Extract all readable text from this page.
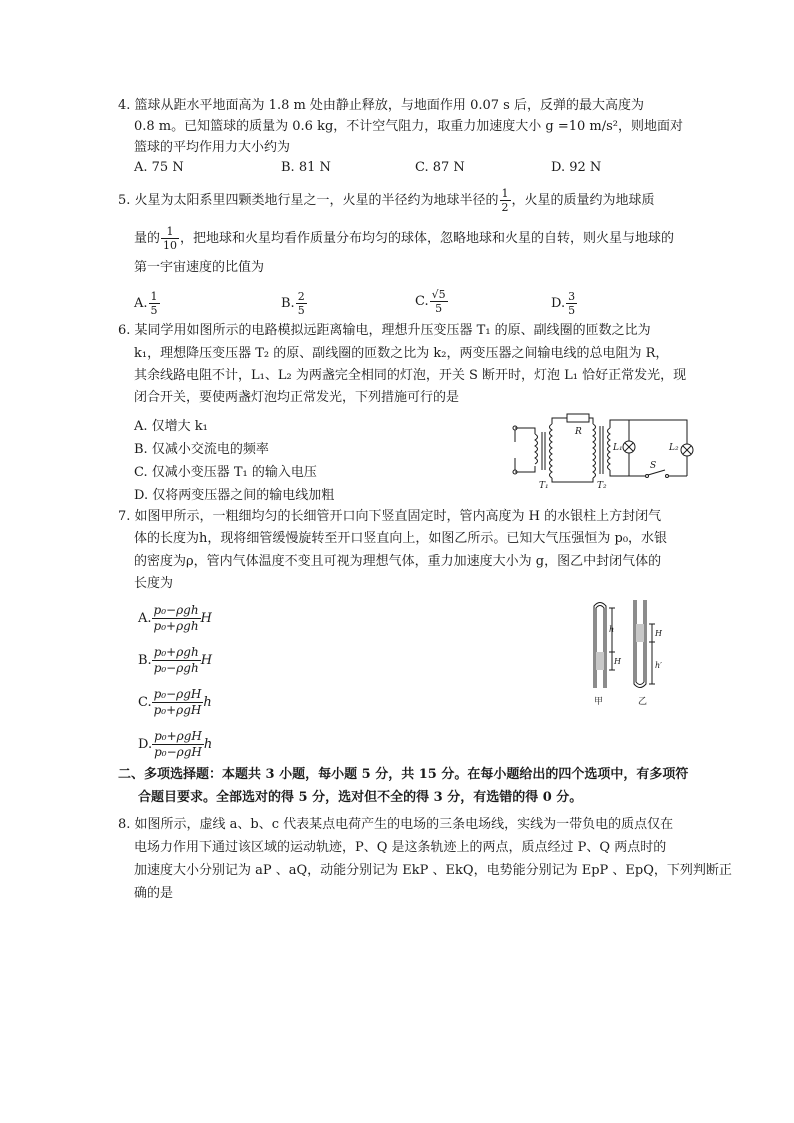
4. 篮球从距水平地面高为 1.8 m 处由静止释放，与地面作用 0.07 s 后，反弹的最大高度为
0.8 m。已知篮球的质量为 0.6 kg，不计空气阻力，取重力加速度大小 g =10 m/s²，则地面对
篮球的平均作用力大小约为
A. 75 N	B. 81 N	C. 87 N	D. 92 N
5. 火星为太阳系里四颗类地行星之一，火星的半径约为地球半径的 $\frac{1}{2}$ ，火星的质量约为地球质
量的 $\frac{1}{10}$ ，把地球和火星均看作质量分布均匀的球体，忽略地球和火星的自转，则火星与地球的
第一宇宙速度的比值为
A. $\frac{1}{5}$	B. $\frac{2}{5}$	C. $\frac{√5}{5}$	D. $\frac{3}{5}$
6. 某同学用如图所示的电路模拟远距离输电，理想升压变压器 T₁ 的原、副线圈的匝数之比为
k₁，理想降压变压器 T₂ 的原、副线圈的匝数之比为 k₂，两变压器之间输电线的总电阻为 R，
其余线路电阻不计，L₁、L₂ 为两盏完全相同的灯泡，开关 S 断开时，灯泡 L₁ 恰好正常发光，现
闭合开关，要使两盏灯泡均正常发光，下列措施可行的是
A. 仅增大 k₁
B. 仅减小交流电的频率
C. 仅减小变压器 T₁ 的输入电压
D. 仅将两变压器之间的输电线加粗
R
T₁	T₂
L₁	L₂
S
7. 如图甲所示，一粗细均匀的长细管开口向下竖直固定时，管内高度为 H 的水银柱上方封闭气
体的长度为h，现将细管缓慢旋转至开口竖直向上，如图乙所示。已知大气压强恒为 p₀，水银
的密度为ρ，管内气体温度不变且可视为理想气体，重力加速度大小为 g，图乙中封闭气体的
长度为
A. $\frac{\text{p₀−ρgh}}{\text{p₀+ρgh}}$ H
B. $\frac{\text{p₀+ρgh}}{\text{p₀−ρgh}}$ H
C. $\frac{\text{p₀−ρgH}}{\text{p₀+ρgH}}$ h
D. $\frac{\text{p₀+ρgH}}{\text{p₀−ρgH}}$ h
h
H
H
h′
甲	乙
二、多项选择题：本题共 3 小题，每小题 5 分，共 15 分。在每小题给出的四个选项中，有多项符
合题目要求。全部选对的得 5 分，选对但不全的得 3 分，有选错的得 0 分。
8. 如图所示，虚线 a、b、c 代表某点电荷产生的电场的三条电场线，实线为一带负电的质点仅在
电场力作用下通过该区域的运动轨迹，P、Q 是这条轨迹上的两点，质点经过 P、Q 两点时的
加速度大小分别记为 aP 、aQ，动能分别记为 EkP 、EkQ，电势能分别记为 EpP 、EpQ，下列判断正
确的是
